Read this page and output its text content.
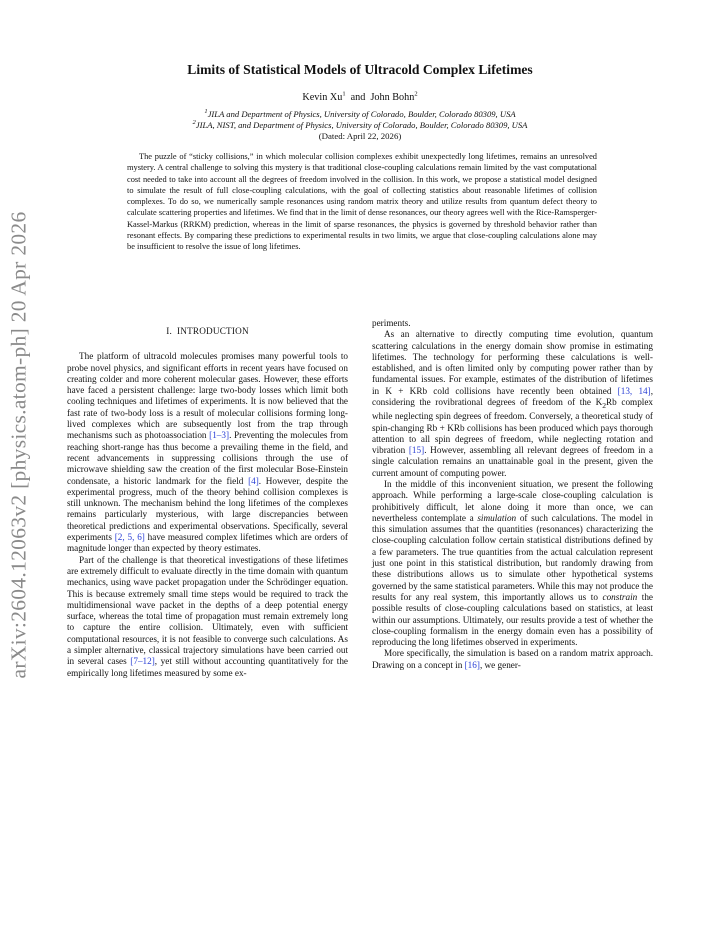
arXiv:2604.12063v2 [physics.atom-ph] 20 Apr 2026
Limits of Statistical Models of Ultracold Complex Lifetimes
Kevin Xu$^1$ and John Bohn$^2$
$^1$JILA and Department of Physics, University of Colorado, Boulder, Colorado 80309, USA
$^2$JILA, NIST, and Department of Physics, University of Colorado, Boulder, Colorado 80309, USA
(Dated: April 22, 2026)

The puzzle of “sticky collisions,” in which molecular collision complexes exhibit unexpectedly long lifetimes, remains an unresolved mystery. A central challenge to solving this mystery is that traditional close-coupling calculations remain limited by the vast computational cost needed to take into account all the degrees of freedom involved in the collision. In this work, we propose a statistical model designed to simulate the result of full close-coupling calculations, with the goal of collecting statistics about reasonable lifetimes of collision complexes. To do so, we numerically sample resonances using random matrix theory and utilize results from quantum defect theory to calculate scattering properties and lifetimes. We find that in the limit of dense resonances, our theory agrees well with the Rice-Ramsperger-Kassel-Markus (RRKM) prediction, whereas in the limit of sparse resonances, the physics is governed by threshold behavior rather than resonant effects. By comparing these predictions to experimental results in two limits, we argue that close-coupling calculations alone may be insufficient to resolve the issue of long lifetimes.

I. INTRODUCTION

The platform of ultracold molecules promises many powerful tools to probe novel physics, and significant efforts in recent years have focused on creating colder and more coherent molecular gases. However, these efforts have faced a persistent challenge: large two-body losses which limit both cooling techniques and lifetimes of experiments. It is now believed that the fast rate of two-body loss is a result of molecular collisions forming long-lived complexes which are subsequently lost from the trap through mechanisms such as photoassociation [1–3]. Preventing the molecules from reaching short-range has thus become a prevailing theme in the field, and recent advancements in suppressing collisions through the use of microwave shielding saw the creation of the first molecular Bose-Einstein condensate, a historic landmark for the field [4]. However, despite the experimental progress, much of the theory behind collision complexes is still unknown. The mechanism behind the long lifetimes of the complexes remains particularly mysterious, with large discrepancies between theoretical predictions and experimental observations. Specifically, several experiments [2, 5, 6] have measured complex lifetimes which are orders of magnitude longer than expected by theory estimates.

Part of the challenge is that theoretical investigations of these lifetimes are extremely difficult to evaluate directly in the time domain with quantum mechanics, using wave packet propagation under the Schrödinger equation. This is because extremely small time steps would be required to track the multidimensional wave packet in the depths of a deep potential energy surface, whereas the total time of propagation must remain extremely long to capture the entire collision. Ultimately, even with sufficient computational resources, it is not feasible to converge such calculations. As a simpler alternative, classical trajectory simulations have been carried out in several cases [7–12], yet still without accounting quantitatively for the empirically long lifetimes measured by some ex-

periments.

As an alternative to directly computing time evolution, quantum scattering calculations in the energy domain show promise in estimating lifetimes. The technology for performing these calculations is well-established, and is often limited only by computing power rather than by fundamental issues. For example, estimates of the distribution of lifetimes in K + KRb cold collisions have recently been obtained [13, 14], considering the rovibrational degrees of freedom of the $K_2Rb$ complex while neglecting spin degrees of freedom. Conversely, a theoretical study of spin-changing Rb + KRb collisions has been produced which pays thorough attention to all spin degrees of freedom, while neglecting rotation and vibration [15]. However, assembling all relevant degrees of freedom in a single calculation remains an unattainable goal in the present, given the current amount of computing power.

In the middle of this inconvenient situation, we present the following approach. While performing a large-scale close-coupling calculation is prohibitively difficult, let alone doing it more than once, we can nevertheless contemplate a simulation of such calculations. The model in this simulation assumes that the quantities (resonances) characterizing the close-coupling calculation follow certain statistical distributions defined by a few parameters. The true quantities from the actual calculation represent just one point in this statistical distribution, but randomly drawing from these distributions allows us to simulate other hypothetical systems governed by the same statistical parameters. While this may not produce the results for any real system, this importantly allows us to constrain the possible results of close-coupling calculations based on statistics, at least within our assumptions. Ultimately, our results provide a test of whether the close-coupling formalism in the energy domain even has a possibility of reproducing the long lifetimes observed in experiments.

More specifically, the simulation is based on a random matrix approach. Drawing on a concept in [16], we gener-
